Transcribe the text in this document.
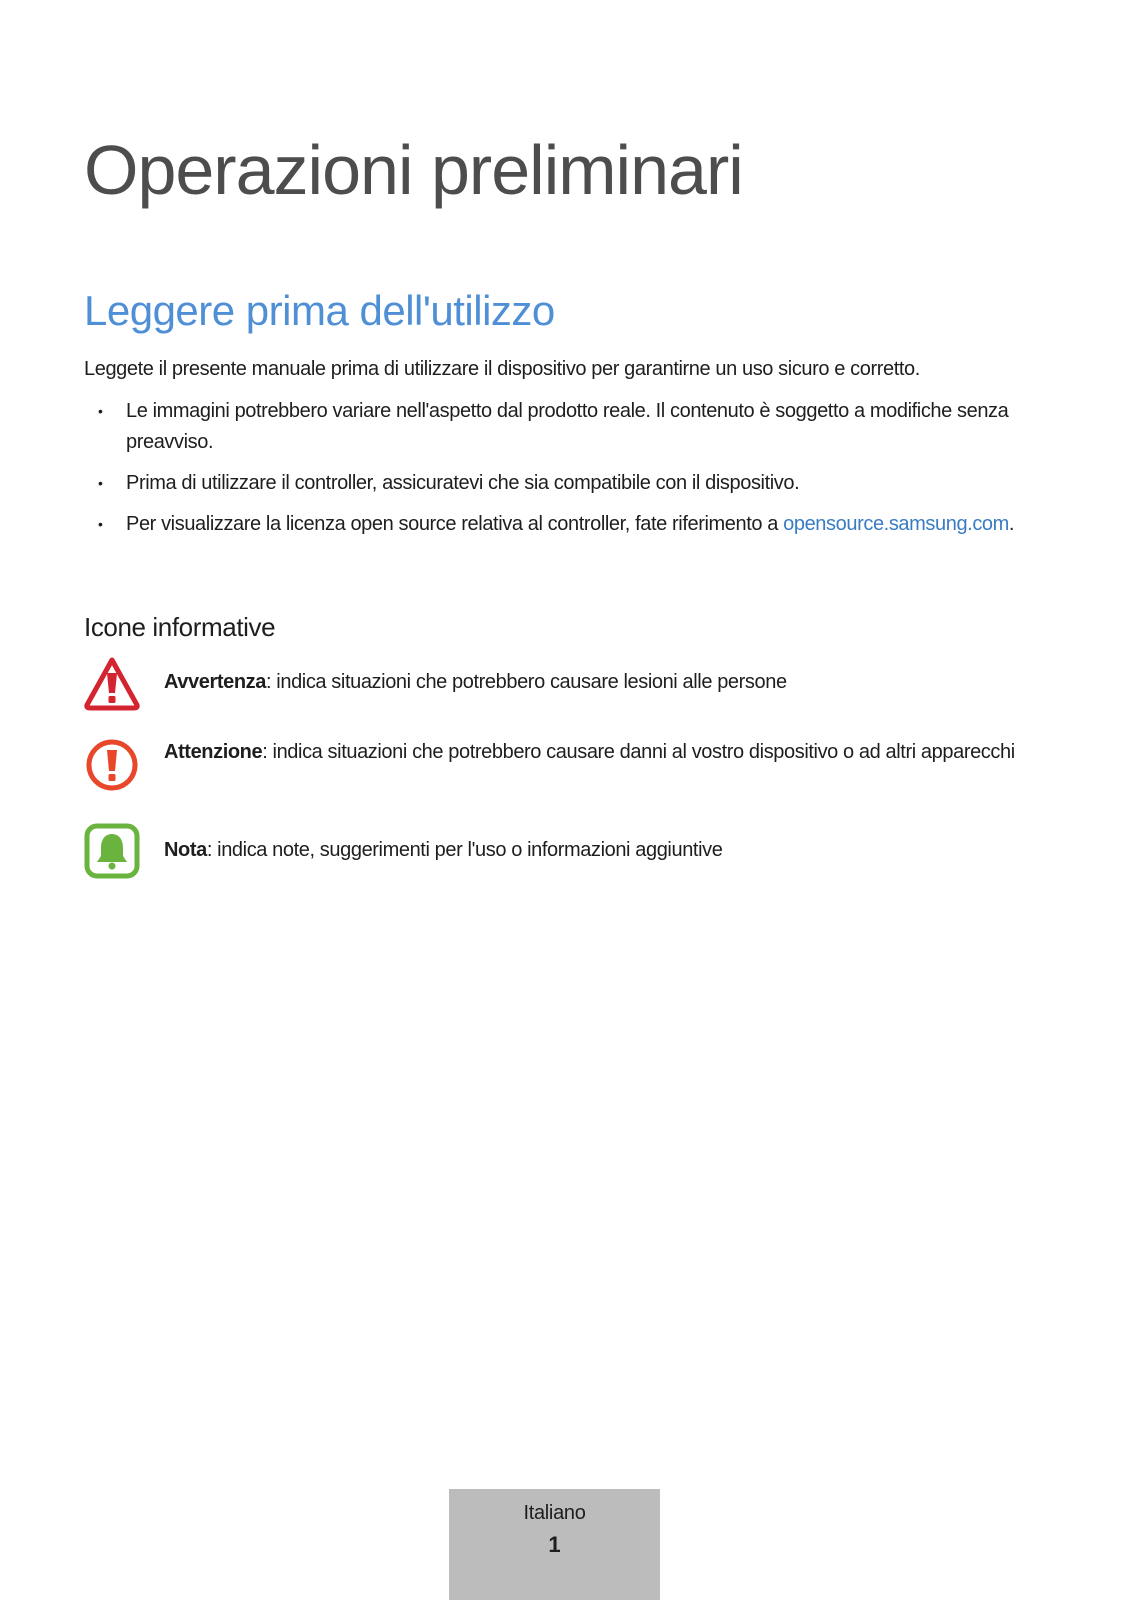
Operazioni preliminari
Leggere prima dell'utilizzo

Leggete il presente manuale prima di utilizzare il dispositivo per garantirne un uso sicuro e corretto.

• Le immagini potrebbero variare nell'aspetto dal prodotto reale. Il contenuto è soggetto a modifiche senza preavviso.
• Prima di utilizzare il controller, assicuratevi che sia compatibile con il dispositivo.
• Per visualizzare la licenza open source relativa al controller, fate riferimento a opensource.samsung.com.
Icone informative
Avvertenza: indica situazioni che potrebbero causare lesioni alle persone
Attenzione: indica situazioni che potrebbero causare danni al vostro dispositivo o ad altri apparecchi
Nota: indica note, suggerimenti per l'uso o informazioni aggiuntive
Italiano
1
